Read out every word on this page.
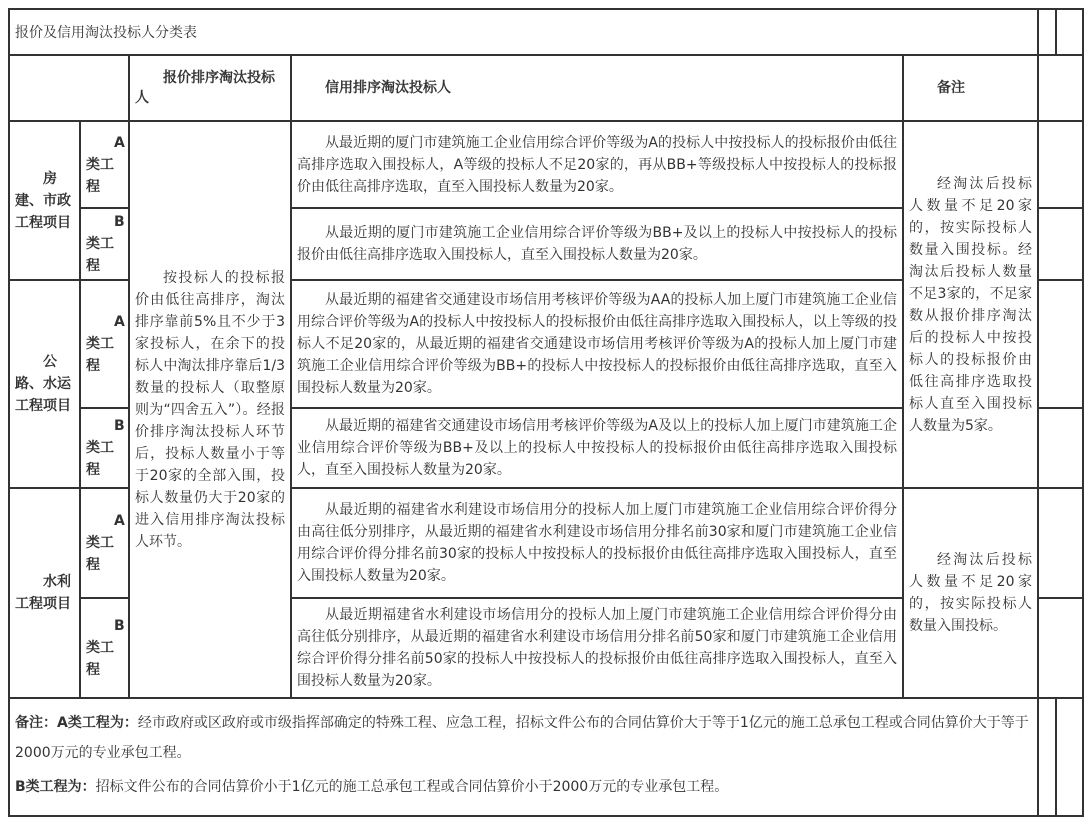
报价及信用淘汰投标人分类表						
		报价排序淘汰投标人	信用排序淘汰投标人	备注		
房建、市政工程项目	A类工程	按投标人的投标报价由低往高排序，淘汰排序靠前5%且不少于3家投标人，在余下的投标人中淘汰排序靠后1/3数量的投标人（取整原则为“四舍五入”）。经报价排序淘汰投标人环节后，投标人数量小于等于20家的全部入围，投标人数量仍大于20家的进入信用排序淘汰投标人环节。	从最近期的厦门市建筑施工企业信用综合评价等级为A的投标人中按投标人的投标报价由低往高排序选取入围投标人，A等级的投标人不足20家的，再从BB+等级投标人中按投标人的投标报价由低往高排序选取，直至入围投标人数量为20家。	经淘汰后投标人数量不足20家的，按实际投标人数量入围投标。经淘汰后投标人数量不足3家的，不足家数从报价排序淘汰后的投标人中按投标人的投标报价由低往高排序选取投标人直至入围投标人数量为5家。		
	B类工程		从最近期的厦门市建筑施工企业信用综合评价等级为BB+及以上的投标人中按投标人的投标报价由低往高排序选取入围投标人，直至入围投标人数量为20家。			
公路、水运工程项目	A类工程		从最近期的福建省交通建设市场信用考核评价等级为AA的投标人加上厦门市建筑施工企业信用综合评价等级为A的投标人中按投标人的投标报价由低往高排序选取入围投标人，以上等级的投标人不足20家的，从最近期的福建省交通建设市场信用考核评价等级为A的投标人加上厦门市建筑施工企业信用综合评价等级为BB+的投标人中按投标人的投标报价由低往高排序选取，直至入围投标人数量为20家。			
	B类工程		从最近期的福建省交通建设市场信用考核评价等级为A及以上的投标人加上厦门市建筑施工企业信用综合评价等级为BB+及以上的投标人中按投标人的投标报价由低往高排序选取入围投标人，直至入围投标人数量为20家。			
水利工程项目	A类工程		从最近期的福建省水利建设市场信用分的投标人加上厦门市建筑施工企业信用综合评价得分由高往低分别排序，从最近期的福建省水利建设市场信用分排名前30家和厦门市建筑施工企业信用综合评价得分排名前30家的投标人中按投标人的投标报价由低往高排序选取入围投标人，直至入围投标人数量为20家。	经淘汰后投标人数量不足20家的，按实际投标人数量入围投标。		
	B类工程		从最近期福建省水利建设市场信用分的投标人加上厦门市建筑施工企业信用综合评价得分由高往低分别排序，从最近期的福建省水利建设市场信用分排名前50家和厦门市建筑施工企业信用综合评价得分排名前50家的投标人中按投标人的投标报价由低往高排序选取入围投标人，直至入围投标人数量为20家。			

备注：A类工程为：经市政府或区政府或市级指挥部确定的特殊工程、应急工程，招标文件公布的合同估算价大于等于1亿元的施工总承包工程或合同估算价大于等于2000万元的专业承包工程。

B类工程为：招标文件公布的合同估算价小于1亿元的施工总承包工程或合同估算价小于2000万元的专业承包工程。						
